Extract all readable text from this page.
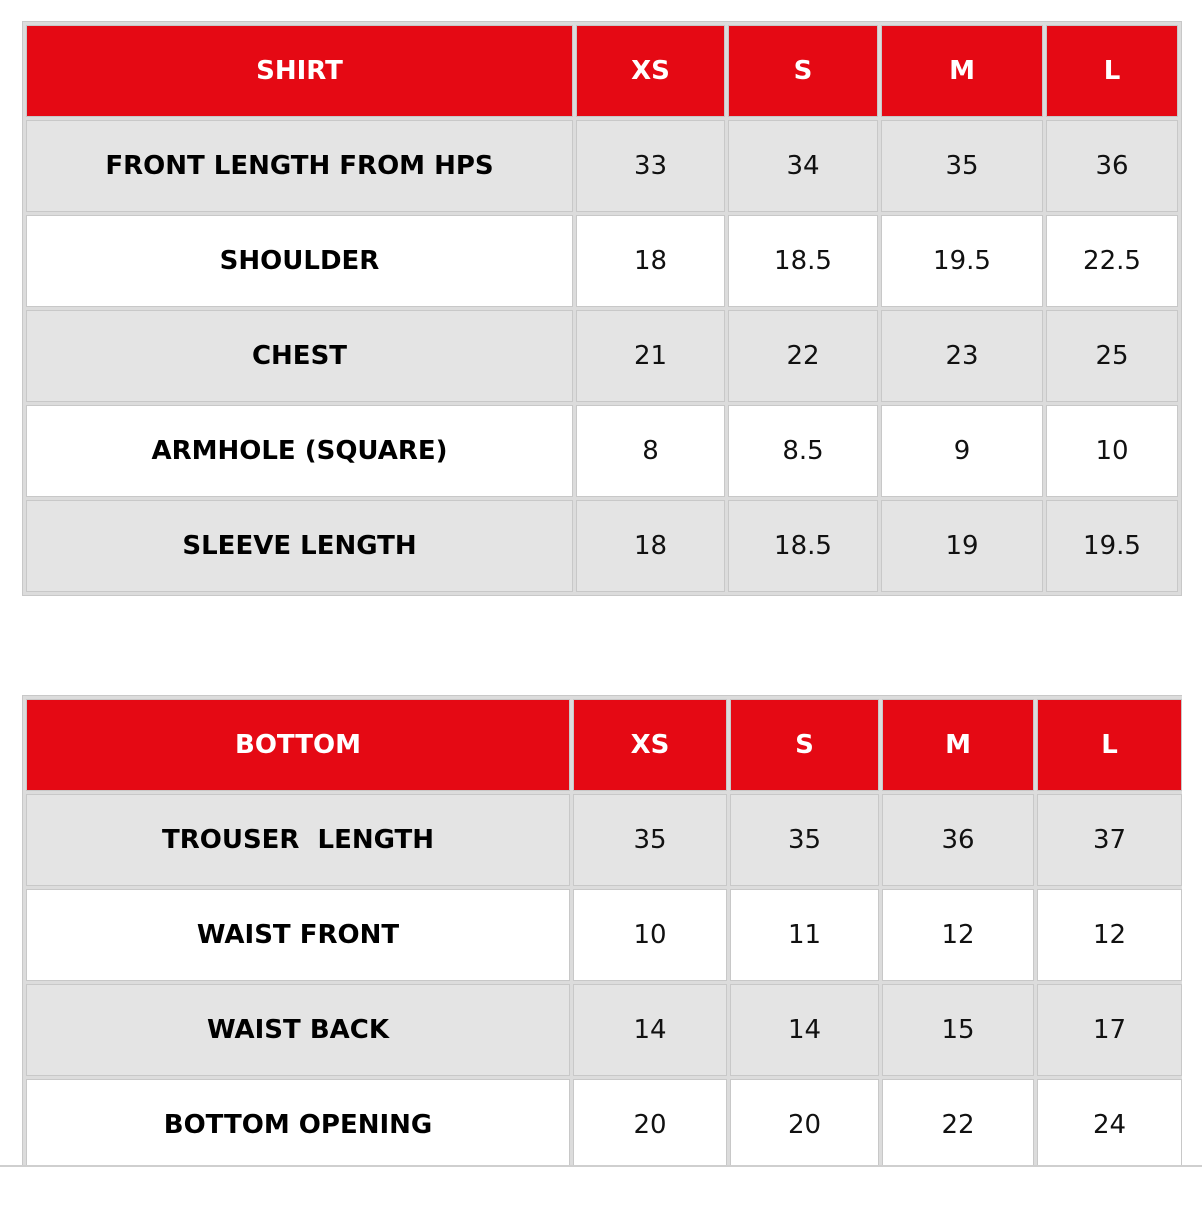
SHIRT	XS	S	M	L
FRONT LENGTH FROM HPS	33	34	35	36
SHOULDER	18	18.5	19.5	22.5
CHEST	21	22	23	25
ARMHOLE (SQUARE)	8	8.5	9	10
SLEEVE LENGTH	18	18.5	19	19.5
BOTTOM	XS	S	M	L
TROUSER  LENGTH	35	35	36	37
WAIST FRONT	10	11	12	12
WAIST BACK	14	14	15	17
BOTTOM OPENING	20	20	22	24
